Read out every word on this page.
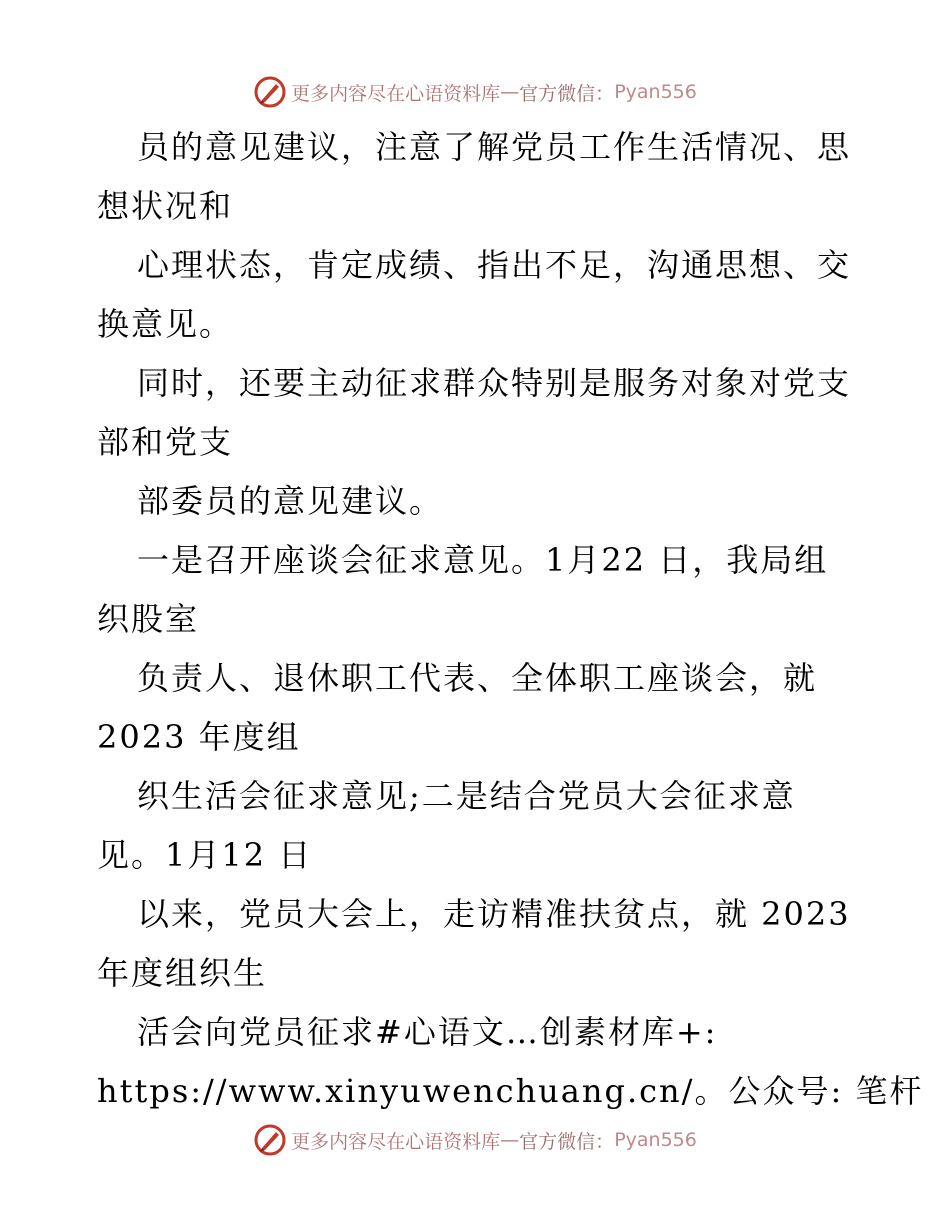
更多内容尽在心语资料库 — 官方微信： Pyan556
员的意见建议，注意了解党员工作生活情况、思
想状况和
心理状态，肯定成绩、指出不足，沟通思想、交
换意见。
同时，还要主动征求群众特别是服务对象对党支
部和党支
部委员的意见建议。
一是召开座谈会征求意见。1月22 日，我局组
织股室
负责人、退休职工代表、全体职工座谈会，就
2023 年度组
织生活会征求意见;二是结合党员大会征求意
见。1月12 日
以来，党员大会上，走访精准扶贫点，就 2023
年度组织生
活会向党员征求#心语文…创素材库+:
https://www.xinyuwenchuang.cn/。公众号: 笔杆
更多内容尽在心语资料库 — 官方微信： Pyan556
